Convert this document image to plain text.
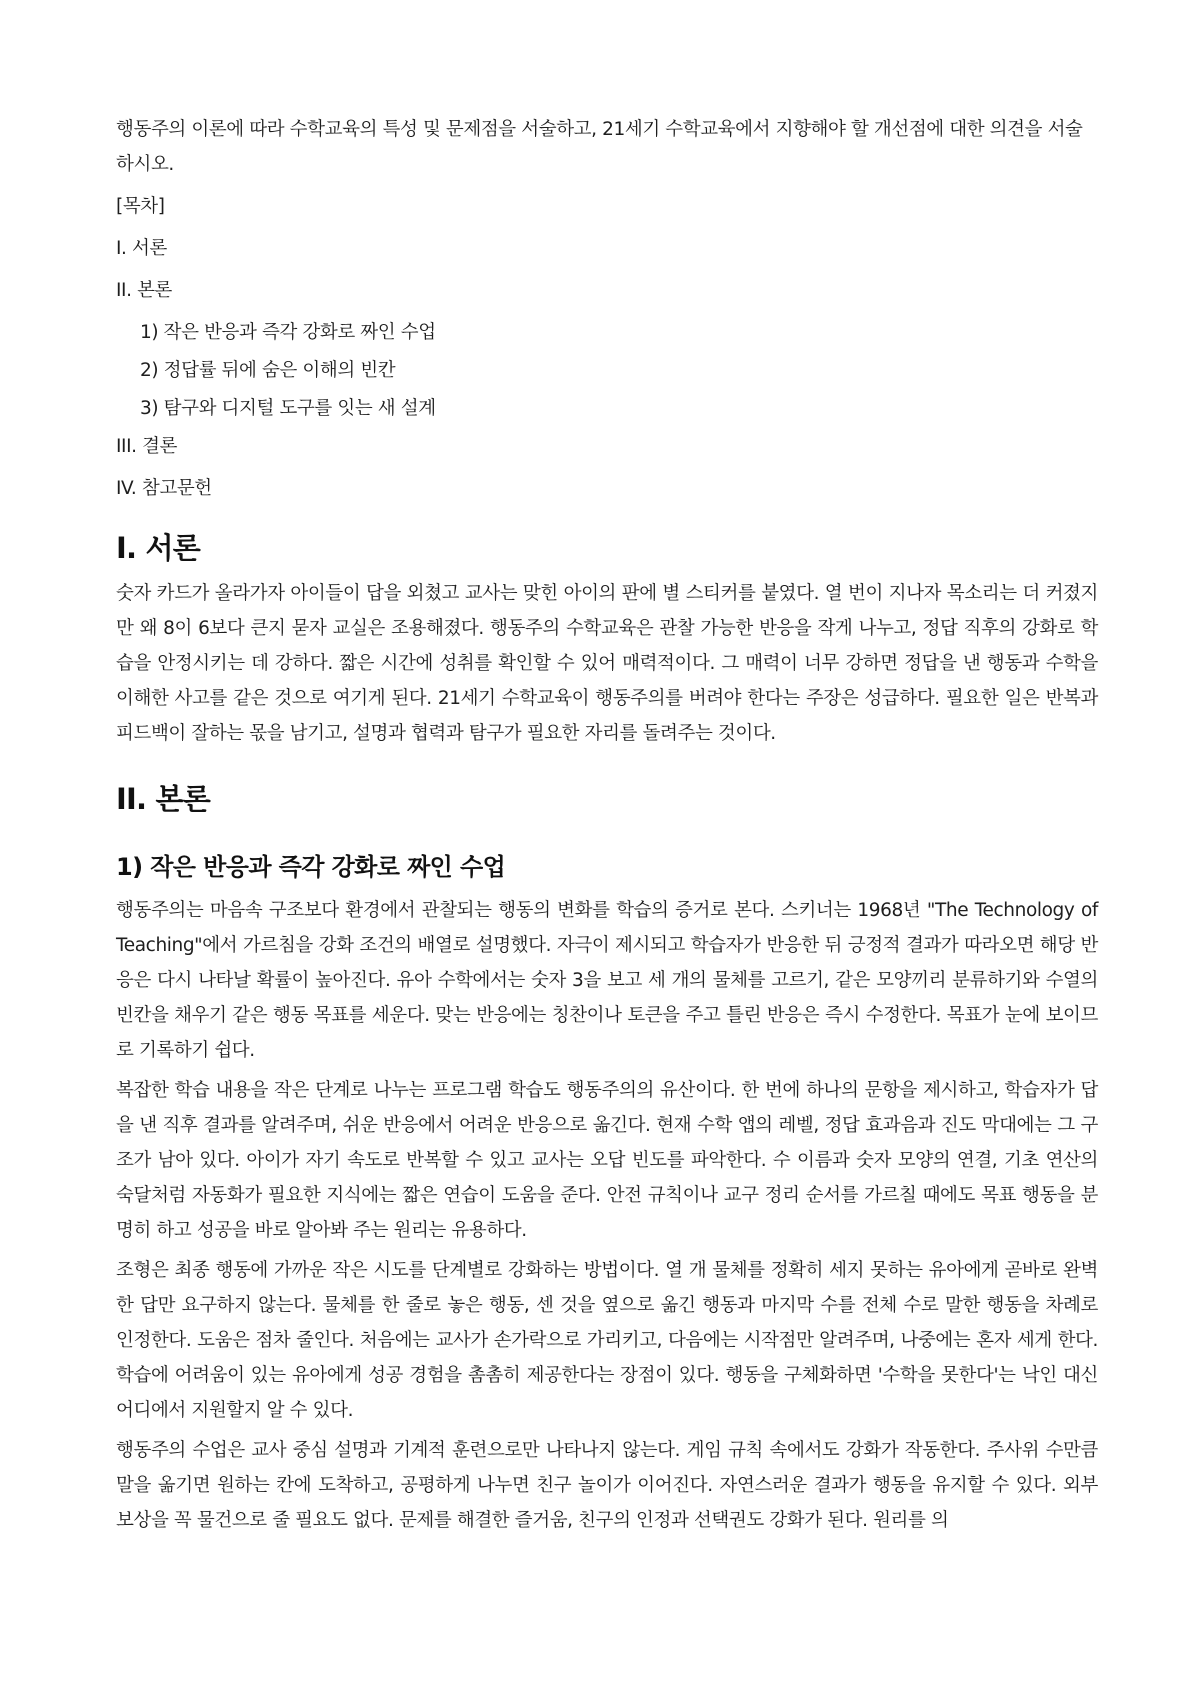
행동주의 이론에 따라 수학교육의 특성 및 문제점을 서술하고, 21세기 수학교육에서 지향해야 할 개선점에 대한 의견을 서술하시오.

[목차]

I. 서론

II. 본론

1) 작은 반응과 즉각 강화로 짜인 수업

2) 정답률 뒤에 숨은 이해의 빈칸

3) 탐구와 디지털 도구를 잇는 새 설계

III. 결론

IV. 참고문헌

I. 서론

숫자 카드가 올라가자 아이들이 답을 외쳤고 교사는 맞힌 아이의 판에 별 스티커를 붙였다. 열 번이 지나자 목소리는 더 커졌지만 왜 8이 6보다 큰지 묻자 교실은 조용해졌다. 행동주의 수학교육은 관찰 가능한 반응을 작게 나누고, 정답 직후의 강화로 학습을 안정시키는 데 강하다. 짧은 시간에 성취를 확인할 수 있어 매력적이다. 그 매력이 너무 강하면 정답을 낸 행동과 수학을 이해한 사고를 같은 것으로 여기게 된다. 21세기 수학교육이 행동주의를 버려야 한다는 주장은 성급하다. 필요한 일은 반복과 피드백이 잘하는 몫을 남기고, 설명과 협력과 탐구가 필요한 자리를 돌려주는 것이다.

II. 본론
1) 작은 반응과 즉각 강화로 짜인 수업

행동주의는 마음속 구조보다 환경에서 관찰되는 행동의 변화를 학습의 증거로 본다. 스키너는 1968년 "The Technology of Teaching"에서 가르침을 강화 조건의 배열로 설명했다. 자극이 제시되고 학습자가 반응한 뒤 긍정적 결과가 따라오면 해당 반응은 다시 나타날 확률이 높아진다. 유아 수학에서는 숫자 3을 보고 세 개의 물체를 고르기, 같은 모양끼리 분류하기와 수열의 빈칸을 채우기 같은 행동 목표를 세운다. 맞는 반응에는 칭찬이나 토큰을 주고 틀린 반응은 즉시 수정한다. 목표가 눈에 보이므로 기록하기 쉽다.

복잡한 학습 내용을 작은 단계로 나누는 프로그램 학습도 행동주의의 유산이다. 한 번에 하나의 문항을 제시하고, 학습자가 답을 낸 직후 결과를 알려주며, 쉬운 반응에서 어려운 반응으로 옮긴다. 현재 수학 앱의 레벨, 정답 효과음과 진도 막대에는 그 구조가 남아 있다. 아이가 자기 속도로 반복할 수 있고 교사는 오답 빈도를 파악한다. 수 이름과 숫자 모양의 연결, 기초 연산의 숙달처럼 자동화가 필요한 지식에는 짧은 연습이 도움을 준다. 안전 규칙이나 교구 정리 순서를 가르칠 때에도 목표 행동을 분명히 하고 성공을 바로 알아봐 주는 원리는 유용하다.

조형은 최종 행동에 가까운 작은 시도를 단계별로 강화하는 방법이다. 열 개 물체를 정확히 세지 못하는 유아에게 곧바로 완벽한 답만 요구하지 않는다. 물체를 한 줄로 놓은 행동, 센 것을 옆으로 옮긴 행동과 마지막 수를 전체 수로 말한 행동을 차례로 인정한다. 도움은 점차 줄인다. 처음에는 교사가 손가락으로 가리키고, 다음에는 시작점만 알려주며, 나중에는 혼자 세게 한다. 학습에 어려움이 있는 유아에게 성공 경험을 촘촘히 제공한다는 장점이 있다. 행동을 구체화하면 '수학을 못한다'는 낙인 대신 어디에서 지원할지 알 수 있다.

행동주의 수업은 교사 중심 설명과 기계적 훈련으로만 나타나지 않는다. 게임 규칙 속에서도 강화가 작동한다. 주사위 수만큼 말을 옮기면 원하는 칸에 도착하고, 공평하게 나누면 친구 놀이가 이어진다. 자연스러운 결과가 행동을 유지할 수 있다. 외부 보상을 꼭 물건으로 줄 필요도 없다. 문제를 해결한 즐거움, 친구의 인정과 선택권도 강화가 된다. 원리를 의
